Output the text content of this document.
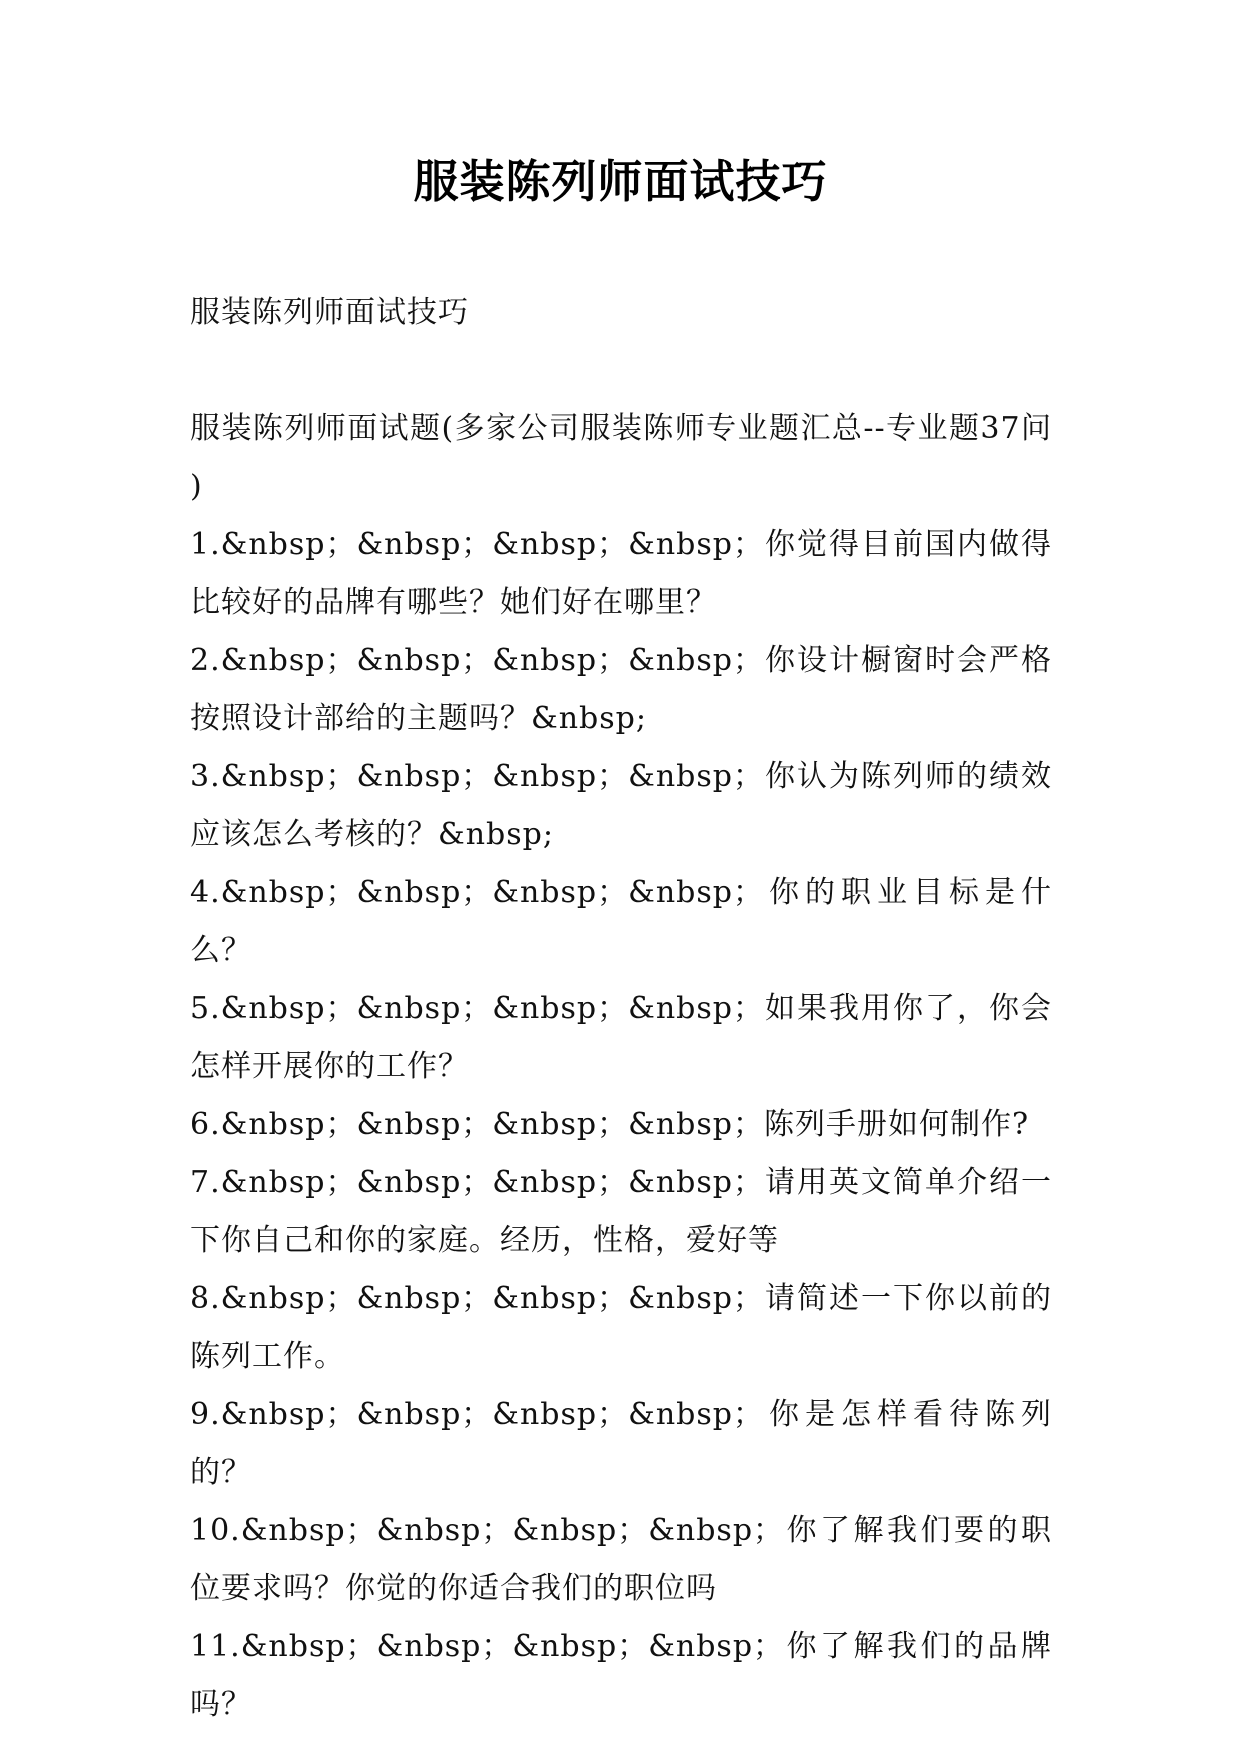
服装陈列师面试技巧

服装陈列师面试技巧

服装陈列师面试题(多家公司服装陈师专业题汇总--专业题37问 )

1.&nbsp；&nbsp；&nbsp；&nbsp；你觉得目前国内做得比较好的品牌有哪些？她们好在哪里？

2.&nbsp；&nbsp；&nbsp；&nbsp；你设计橱窗时会严格按照设计部给的主题吗？&nbsp;

3.&nbsp；&nbsp；&nbsp；&nbsp；你认为陈列师的绩效应该怎么考核的？&nbsp;

4.&nbsp；&nbsp；&nbsp；&nbsp；你的职业目标是什么？

5.&nbsp；&nbsp；&nbsp；&nbsp；如果我用你了，你会怎样开展你的工作？

6.&nbsp；&nbsp；&nbsp；&nbsp；陈列手册如何制作?

7.&nbsp；&nbsp；&nbsp；&nbsp；请用英文简单介绍一下你自己和你的家庭。经历，性格，爱好等

8.&nbsp；&nbsp；&nbsp；&nbsp；请简述一下你以前的陈列工作。

9.&nbsp；&nbsp；&nbsp；&nbsp；你是怎样看待陈列的？

10.&nbsp；&nbsp；&nbsp；&nbsp；你了解我们要的职位要求吗？你觉的你适合我们的职位吗

11.&nbsp；&nbsp；&nbsp；&nbsp；你了解我们的品牌吗？
